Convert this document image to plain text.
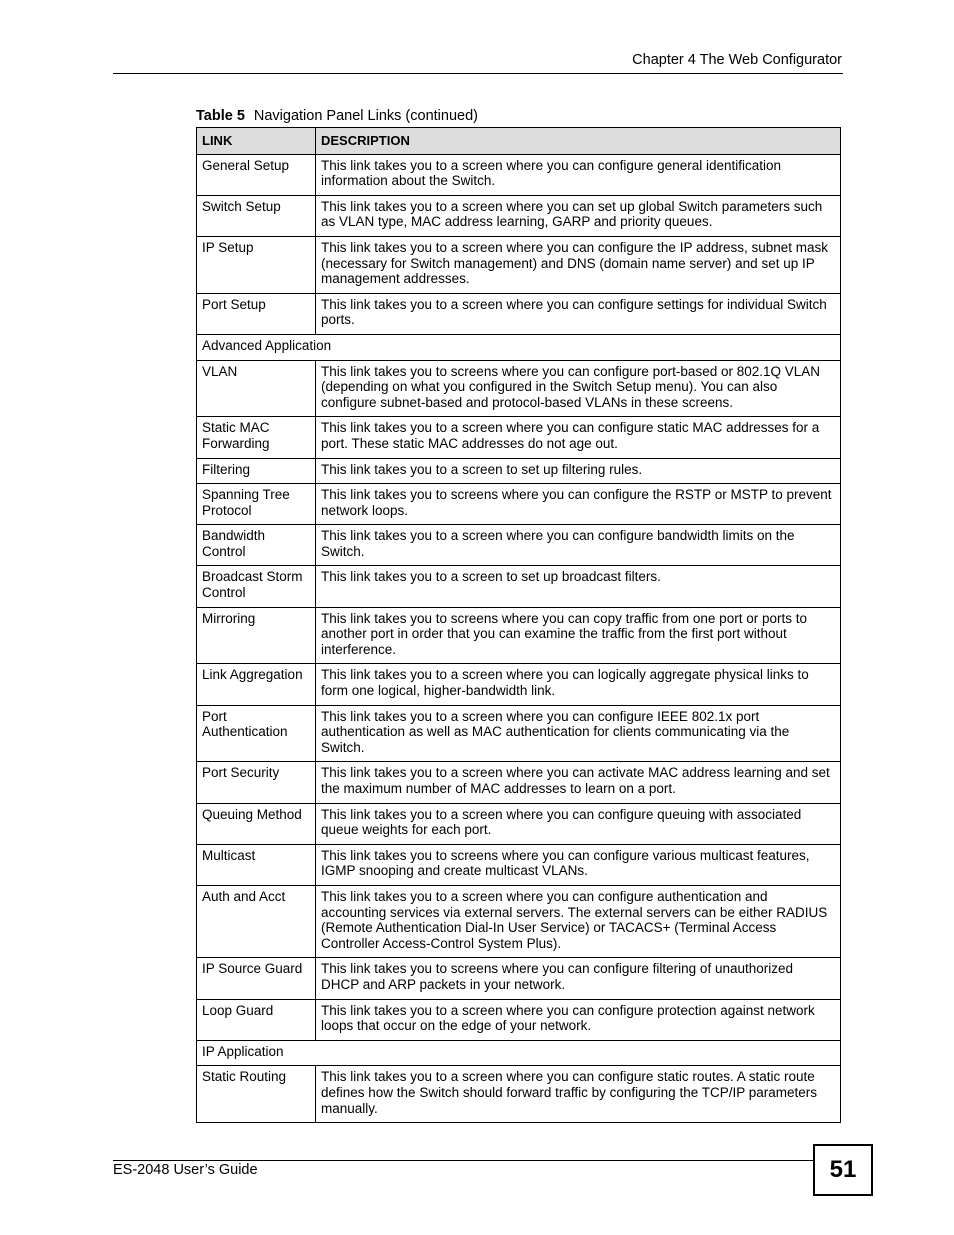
Chapter 4 The Web Configurator
Table 5 Navigation Panel Links (continued)
LINK	DESCRIPTION
General Setup	This link takes you to a screen where you can configure general identification information about the Switch.
Switch Setup	This link takes you to a screen where you can set up global Switch parameters such as VLAN type, MAC address learning, GARP and priority queues.
IP Setup	This link takes you to a screen where you can configure the IP address, subnet mask (necessary for Switch management) and DNS (domain name server) and set up IP management addresses.
Port Setup	This link takes you to a screen where you can configure settings for individual Switch ports.
Advanced Application	
VLAN	This link takes you to screens where you can configure port-based or 802.1Q VLAN (depending on what you configured in the Switch Setup menu). You can also configure subnet-based and protocol-based VLANs in these screens.
Static MAC Forwarding	This link takes you to a screen where you can configure static MAC addresses for a port. These static MAC addresses do not age out.
Filtering	This link takes you to a screen to set up filtering rules.
Spanning Tree Protocol	This link takes you to screens where you can configure the RSTP or MSTP to prevent network loops.
Bandwidth Control	This link takes you to a screen where you can configure bandwidth limits on the Switch.
Broadcast Storm Control	This link takes you to a screen to set up broadcast filters.
Mirroring	This link takes you to screens where you can copy traffic from one port or ports to another port in order that you can examine the traffic from the first port without interference.
Link Aggregation	This link takes you to a screen where you can logically aggregate physical links to form one logical, higher-bandwidth link.
Port Authentication	This link takes you to a screen where you can configure IEEE 802.1x port authentication as well as MAC authentication for clients communicating via the Switch.
Port Security	This link takes you to a screen where you can activate MAC address learning and set the maximum number of MAC addresses to learn on a port.
Queuing Method	This link takes you to a screen where you can configure queuing with associated queue weights for each port.
Multicast	This link takes you to screens where you can configure various multicast features, IGMP snooping and create multicast VLANs.
Auth and Acct	This link takes you to a screen where you can configure authentication and accounting services via external servers. The external servers can be either RADIUS (Remote Authentication Dial-In User Service) or TACACS+ (Terminal Access Controller Access-Control System Plus).
IP Source Guard	This link takes you to screens where you can configure filtering of unauthorized DHCP and ARP packets in your network.
Loop Guard	This link takes you to a screen where you can configure protection against network loops that occur on the edge of your network.
IP Application	
Static Routing	This link takes you to a screen where you can configure static routes. A static route defines how the Switch should forward traffic by configuring the TCP/IP parameters manually.
ES-2048 User’s Guide	51
